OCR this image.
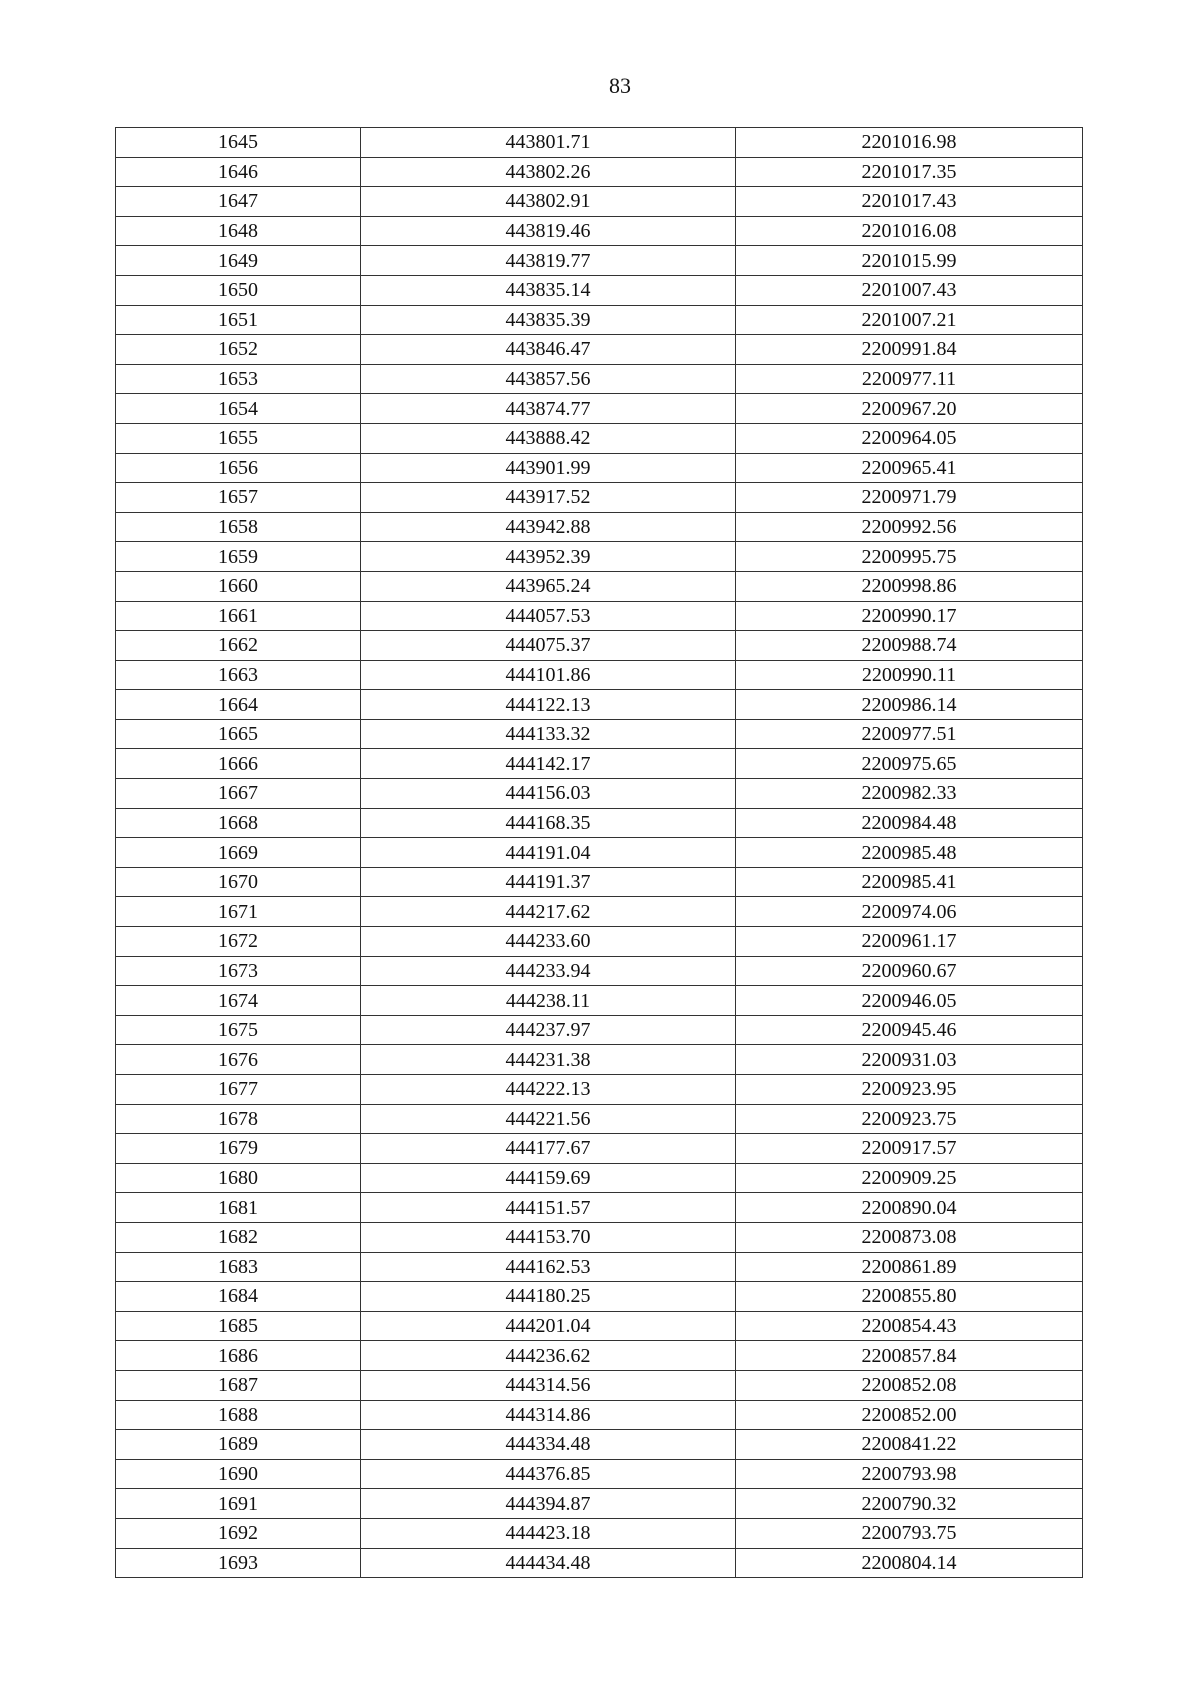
83
1645	443801.71	2201016.98
1646	443802.26	2201017.35
1647	443802.91	2201017.43
1648	443819.46	2201016.08
1649	443819.77	2201015.99
1650	443835.14	2201007.43
1651	443835.39	2201007.21
1652	443846.47	2200991.84
1653	443857.56	2200977.11
1654	443874.77	2200967.20
1655	443888.42	2200964.05
1656	443901.99	2200965.41
1657	443917.52	2200971.79
1658	443942.88	2200992.56
1659	443952.39	2200995.75
1660	443965.24	2200998.86
1661	444057.53	2200990.17
1662	444075.37	2200988.74
1663	444101.86	2200990.11
1664	444122.13	2200986.14
1665	444133.32	2200977.51
1666	444142.17	2200975.65
1667	444156.03	2200982.33
1668	444168.35	2200984.48
1669	444191.04	2200985.48
1670	444191.37	2200985.41
1671	444217.62	2200974.06
1672	444233.60	2200961.17
1673	444233.94	2200960.67
1674	444238.11	2200946.05
1675	444237.97	2200945.46
1676	444231.38	2200931.03
1677	444222.13	2200923.95
1678	444221.56	2200923.75
1679	444177.67	2200917.57
1680	444159.69	2200909.25
1681	444151.57	2200890.04
1682	444153.70	2200873.08
1683	444162.53	2200861.89
1684	444180.25	2200855.80
1685	444201.04	2200854.43
1686	444236.62	2200857.84
1687	444314.56	2200852.08
1688	444314.86	2200852.00
1689	444334.48	2200841.22
1690	444376.85	2200793.98
1691	444394.87	2200790.32
1692	444423.18	2200793.75
1693	444434.48	2200804.14
